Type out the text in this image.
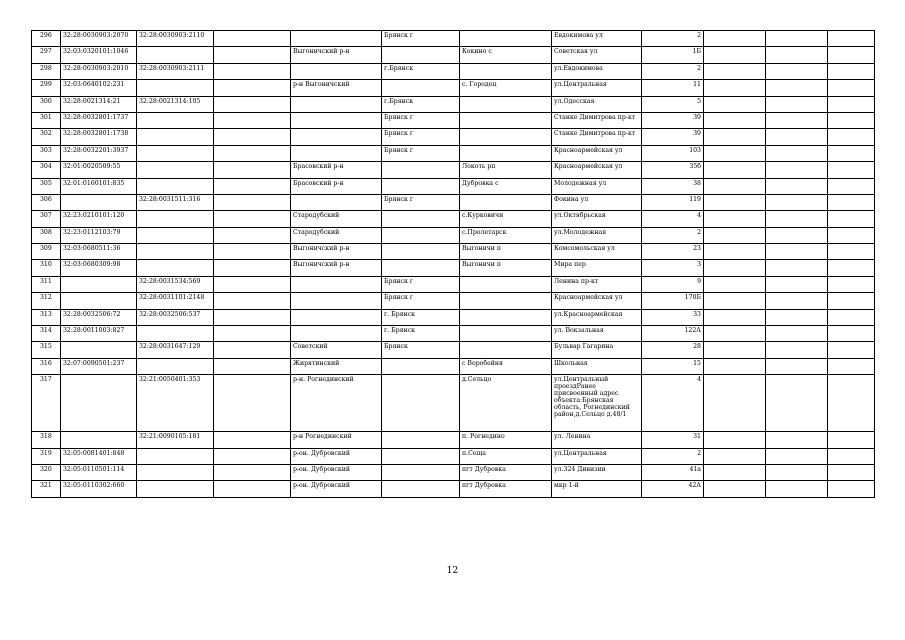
296	32:28:0030903:2070	32:28:0030903:2110			Брянск г		Евдокимова ул	2			
297	32:03:0320101:1046			Выгоничский р-н		Кокино с	Советская ул	1Б			
298	32:28:0030903:2010	32:28:0030903:2111			г.Брянск		ул.Евдокимова	2			
299	32:03:0640102:231			р-н Выгоничский		с. Городец	ул.Центральная	11			
300	32:28:0021314:21	32:28:0021314:105			г.Брянск		ул.Одесская	5			
301	32:28:0032801:1737				Брянск г		Станке Димитрова пр-кт	39			
302	32:28:0032801:1738				Брянск г		Станке Димитрова пр-кт	39			
303	32:28:0032201:3937				Брянск г		Красноармейская ул	103			
304	32:01:0020509:55			Брасовский р-н		Локоть рп	Красноармейская ул	35б			
305	32:01:0160101:835			Брасовский р-н		Дубровка с	Молодежная ул	38			
306		32:28:0031511:316			Брянск г		Фокина ул	119			
307	32:23:0210101:120			Стародубский		с.Курковичи	ул.Октябрьская	4			
308	32:23:0112103:79			Стародубский		с.Пролетарск	ул.Молодежная	2			
309	32:03:0680511:36			Выгоничский р-н		Выгоничи п	Комсомольская ул	23			
310	32:03:0680309:98			Выгоничский р-н		Выгоничи п	Мира пер	3			
311		32:28:0031534:569			Брянск г		Ленина пр-кт	9			
312		32:28:0031101:2148			Брянск г		Красноармейская ул	170Б			
313	32:28:0032506:72	32:28:0032506:537			г. Брянск		ул.Красноармейская	33			
314	32:28:0011003:827				г. Брянск		ул. Вокзальная	122А			
315		32:28:0031647:129		Советский	Брянск		Бульвар Гагарина	28			
316	32:07:0090501:237			Жирятинский		с Воробейня	Школьная	15			
317		32:21:0050401:353		р-н. Рогнединский		д.Сельцо	ул.Центральный проездРанее присвоенный адрес объекта:Брянская область, Рогнединский район,д.Сельцо д.48/1	4			
318		32:21:0090105:181		р-н Рогнединский		п. Рогнедино	ул. Ленина	31			
319	32:05:0081401:848			р-он. Дубровский		п.Сеща	ул.Центральная	2			
320	32:05:0110501:114			р-он. Дубровский		пгт Дубровка	ул.324 Дивизии	41а			
321	32:05:0110302:660			р-он. Дубровский		пгт Дубровка	мкр 1-й	42А			
12
